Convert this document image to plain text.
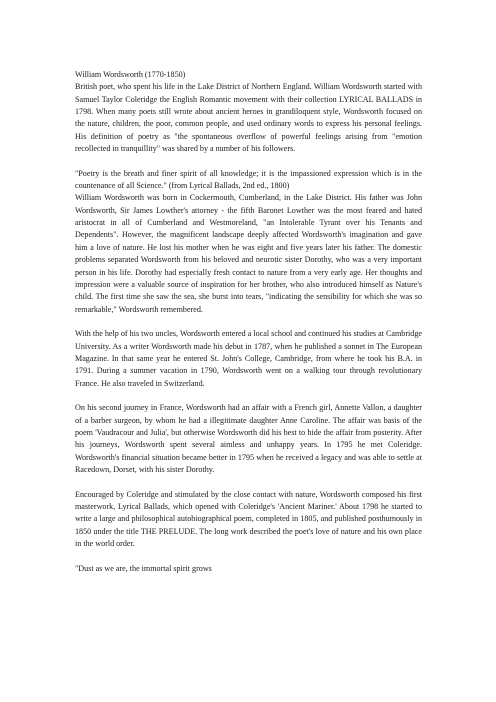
William Wordsworth (1770-1850)

British poet, who spent his life in the Lake District of Northern England. William Wordsworth started with Samuel Taylor Coleridge the English Romantic movement with their collection LYRICAL BALLADS in 1798. When many poets still wrote about ancient heroes in grandiloquent style, Wordsworth focused on the nature, children, the poor, common people, and used ordinary words to express his personal feelings. His definition of poetry as "the spontaneous overflow of powerful feelings arising from "emotion recollected in tranquillity" was shared by a number of his followers.

"Poetry is the breath and finer spirit of all knowledge; it is the impassioned expression which is in the countenance of all Science." (from Lyrical Ballads, 2nd ed., 1800)

William Wordsworth was born in Cockermouth, Cumberland, in the Lake District. His father was John Wordsworth, Sir James Lowther's attorney - the fifth Baronet Lowther was the most feared and hated aristocrat in all of Cumberland and Westmoreland, "an Intolerable Tyrant over his Tenants and Dependents". However, the magnificent landscape deeply affected Wordsworth's imagination and gave him a love of nature. He lost his mother when he was eight and five years later his father. The domestic problems separated Wordsworth from his beloved and neurotic sister Dorothy, who was a very important person in his life. Dorothy had especially fresh contact to nature from a very early age. Her thoughts and impression were a valuable source of inspiration for her brother, who also introduced himself as Nature's child. The first time she saw the sea, she burst into tears, "indicating the sensibility for which she was so remarkable," Wordsworth remembered.

With the help of his two uncles, Wordsworth entered a local school and continued his studies at Cambridge University. As a writer Wordsworth made his debut in 1787, when he published a sonnet in The European Magazine. In that same year he entered St. John's College, Cambridge, from where he took his B.A. in 1791. During a summer vacation in 1790, Wordsworth went on a walking tour through revolutionary France. He also traveled in Switzerland.

On his second journey in France, Wordsworth had an affair with a French girl, Annette Vallon, a daughter of a barber surgeon, by whom he had a illegitimate daughter Anne Caroline. The affair was basis of the poem 'Vaudracour and Julia', but otherwise Wordsworth did his best to hide the affair from posterity. After his journeys, Wordsworth spent several aimless and unhappy years. In 1795 he met Coleridge. Wordsworth's financial situation became better in 1795 when he received a legacy and was able to settle at Racedown, Dorset, with his sister Dorothy.

Encouraged by Coleridge and stimulated by the close contact with nature, Wordsworth composed his first masterwork, Lyrical Ballads, which opened with Coleridge's 'Ancient Mariner.' About 1798 he started to write a large and philosophical autobiographical poem, completed in 1805, and published posthumously in 1850 under the title THE PRELUDE. The long work described the poet's love of nature and his own place in the world order.

"Dust as we are, the immortal spirit grows
